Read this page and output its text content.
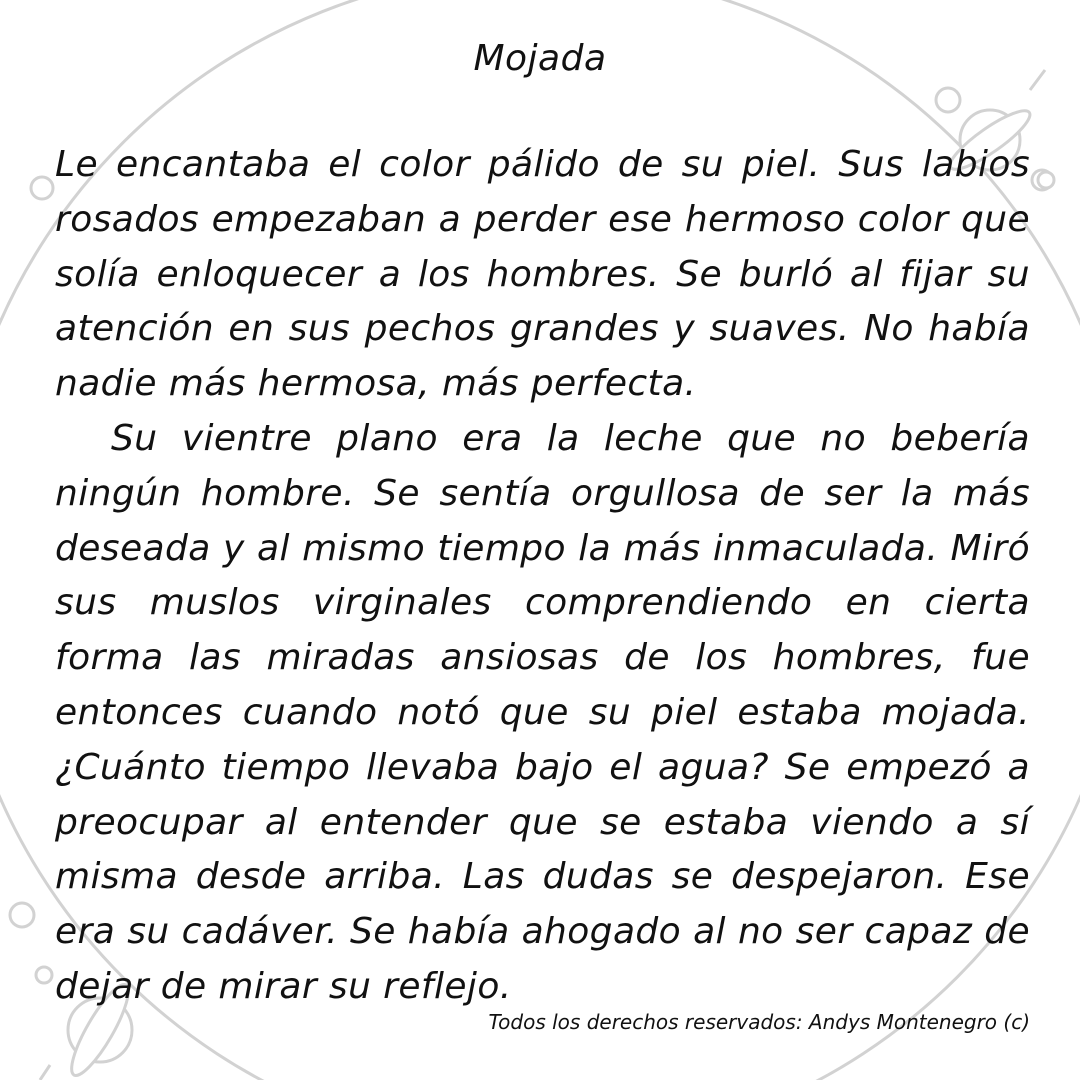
Mojada

Le encantaba el color pálido de su piel. Sus labios rosados empezaban a perder ese hermoso color que solía enloquecer a los hombres. Se burló al fijar su atención en sus pechos grandes y suaves. No había nadie más hermosa, más perfecta.

Su vientre plano era la leche que no bebería ningún hombre. Se sentía orgullosa de ser la más deseada y al mismo tiempo la más inmaculada. Miró sus muslos virginales comprendiendo en cierta forma las miradas ansiosas de los hombres, fue entonces cuando notó que su piel estaba mojada. ¿Cuánto tiempo llevaba bajo el agua? Se empezó a preocupar al entender que se estaba viendo a sí misma desde arriba. Las dudas se despejaron. Ese era su cadáver. Se había ahogado al no ser capaz de dejar de mirar su reflejo.

Todos los derechos reservados: Andys Montenegro (c)
